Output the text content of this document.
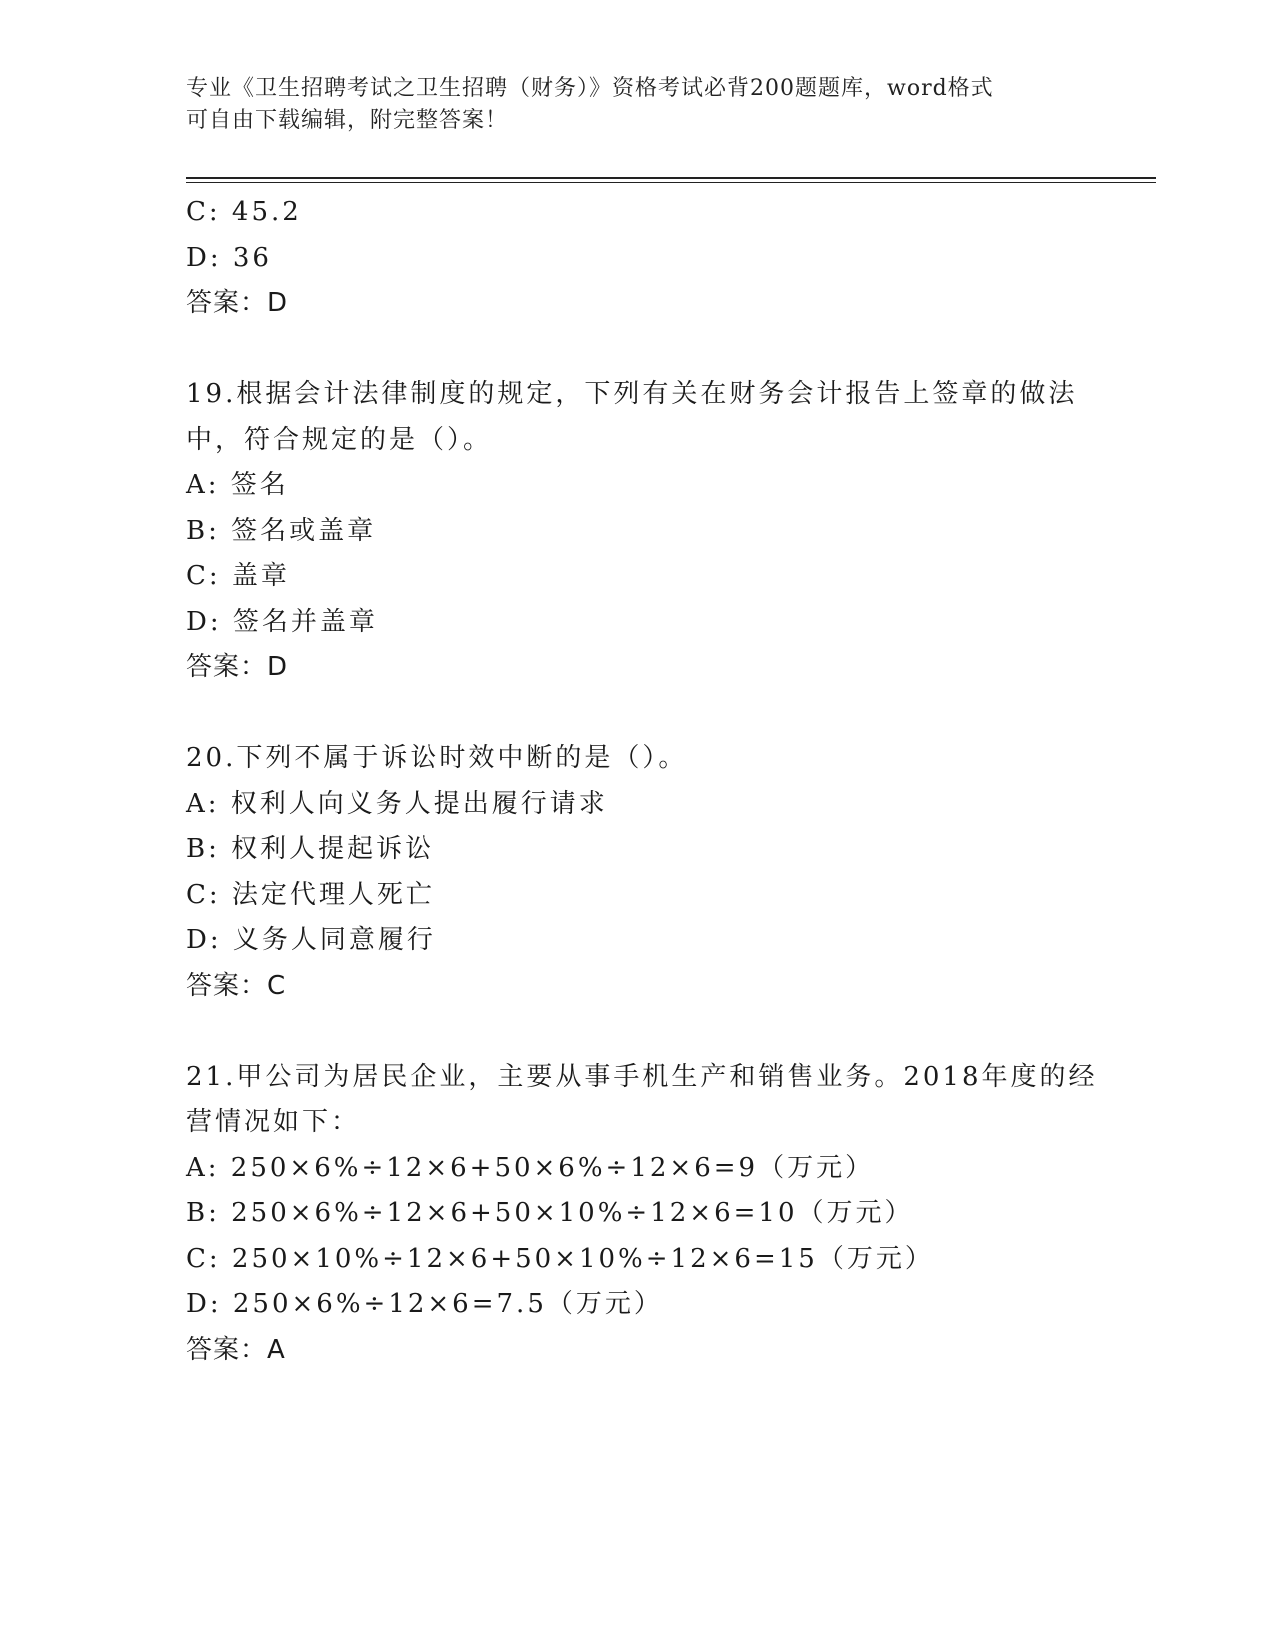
专业《卫生招聘考试之卫生招聘（财务）》资格考试必背200题题库，word格式
可自由下载编辑，附完整答案！
C: 45.2
D: 36
答案：D
19.根据会计法律制度的规定，下列有关在财务会计报告上签章的做法
中，符合规定的是（）。
A: 签名
B: 签名或盖章
C: 盖章
D: 签名并盖章
答案：D
20.下列不属于诉讼时效中断的是（）。
A: 权利人向义务人提出履行请求
B: 权利人提起诉讼
C: 法定代理人死亡
D: 义务人同意履行
答案：C
21.甲公司为居民企业，主要从事手机生产和销售业务。2018年度的经
营情况如下：
A: 250×6%÷12×6+50×6%÷12×6=9（万元）
B: 250×6%÷12×6+50×10%÷12×6=10（万元）
C: 250×10%÷12×6+50×10%÷12×6=15（万元）
D: 250×6%÷12×6=7.5（万元）
答案：A
